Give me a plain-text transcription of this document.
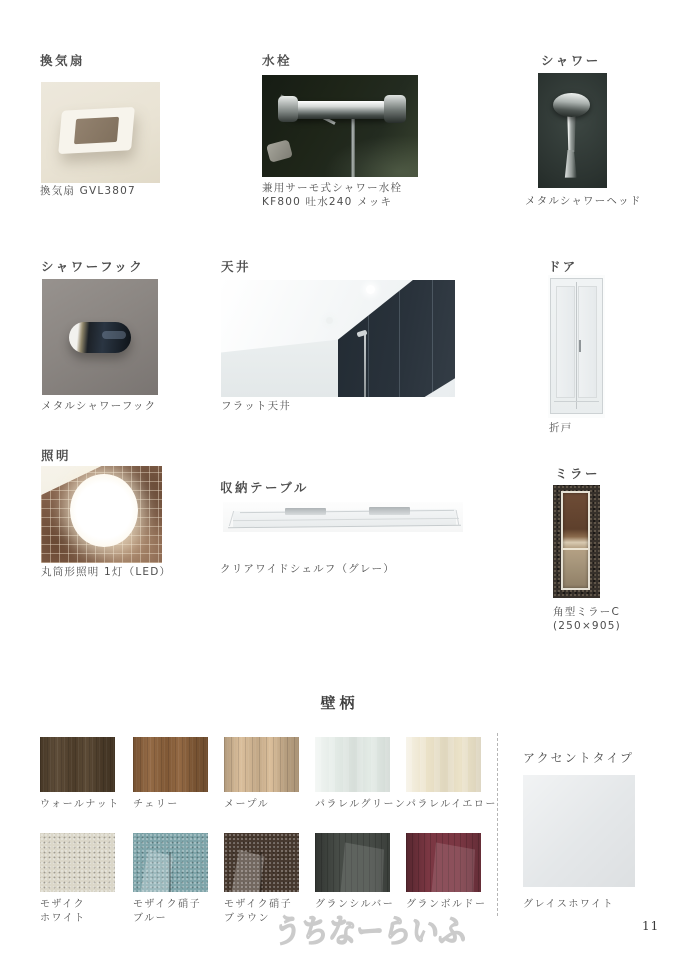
換気扇

換気扇 GVL3807

水栓

兼用サーモ式シャワー水栓
KF800 吐水240 メッキ

シャワー

メタルシャワーヘッド

シャワーフック

メタルシャワーフック

天井

フラット天井

ドア

折戸

照明

丸筒形照明 1灯（LED）

収納テーブル

クリアワイドシェルフ（グレー）

ミラー

角型ミラーC
(250×905)

壁柄
ウォールナット	チェリー	メープル	パラレルグリーン パラレルイエロー
モザイク
ホワイト
モザイク硝子
ブルー
モザイク硝子
ブラウン
グランシルバー	グランボルドー
アクセントタイプ
グレイスホワイト
うちなーらいふ	11
